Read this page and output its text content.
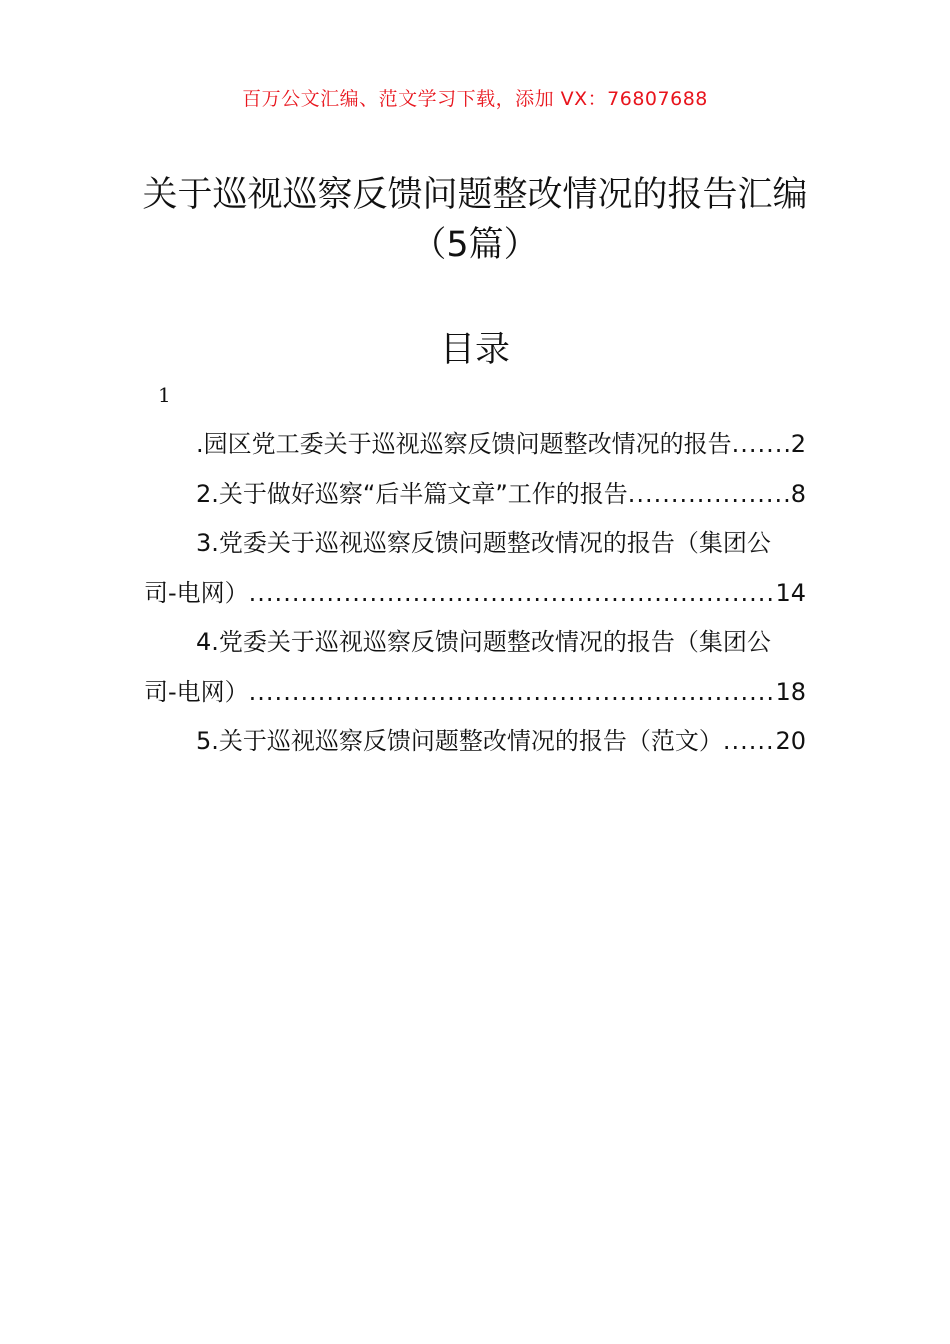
百万公文汇编、范文学习下载，添加 VX：76807688
关于巡视巡察反馈问题整改情况的报告汇编（5篇）
目录
1
.园区党工委关于巡视巡察反馈问题整改情况的报告 ..... 2
2.关于做好巡察“后半篇文章”工作的报告 .....	8
3.党委关于巡视巡察反馈问题整改情况的报告（集团公
司-电网） .....	14
4.党委关于巡视巡察反馈问题整改情况的报告（集团公
司-电网） .....	18
5.关于巡视巡察反馈问题整改情况的报告（范文） ..... 20
